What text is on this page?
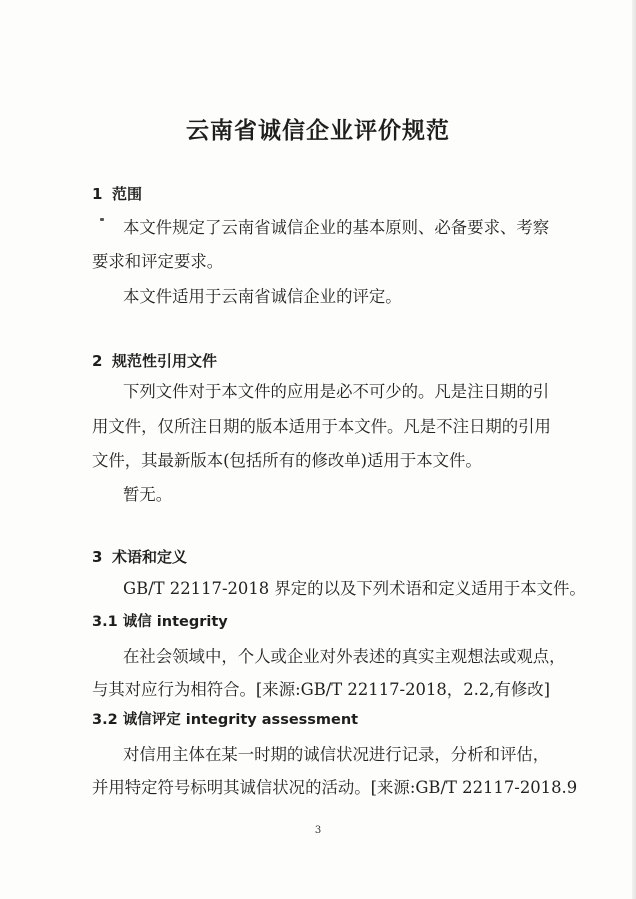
云南省诚信企业评价规范
1 范围
本文件规定了云南省诚信企业的基本原则、必备要求、考察
要求和评定要求。
本文件适用于云南省诚信企业的评定。
2 规范性引用文件
下列文件对于本文件的应用是必不可少的。凡是注日期的引
用文件，仅所注日期的版本适用于本文件。凡是不注日期的引用
文件，其最新版本(包括所有的修改单)适用于本文件。
暂无。
3 术语和定义
GB/T 22117-2018 界定的以及下列术语和定义适用于本文件。
3.1 诚信 integrity
在社会领域中，个人或企业对外表述的真实主观想法或观点，
与其对应行为相符合。[来源:GB/T 22117-2018，2.2,有修改]
3.2 诚信评定 integrity assessment
对信用主体在某一时期的诚信状况进行记录，分析和评估，
并用特定符号标明其诚信状况的活动。[来源:GB/T 22117-2018.9
3
